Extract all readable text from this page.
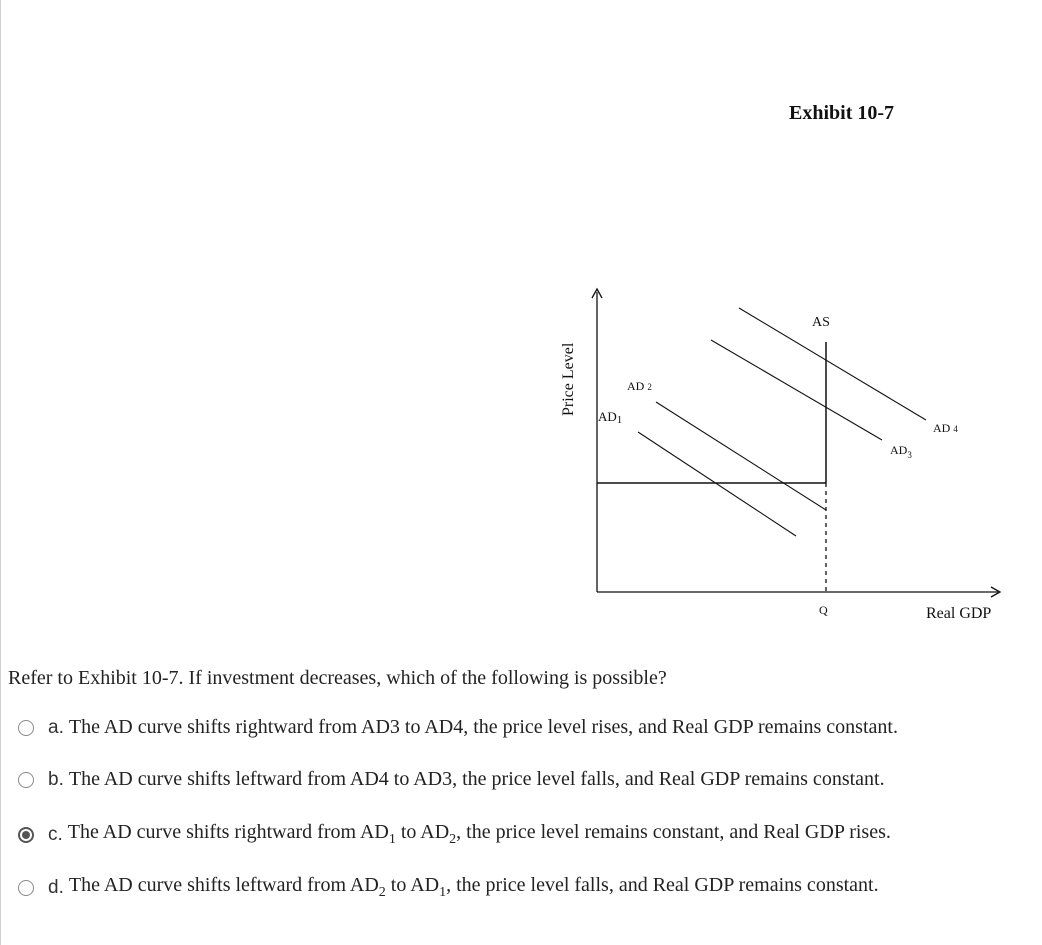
Exhibit 10-7
Price Level
Real GDP
Q
AS
AD1
AD 2
$AD_3$
AD 4
Refer to Exhibit 10-7. If investment decreases, which of the following is possible?
a. The AD curve shifts rightward from AD3 to AD4, the price level rises, and Real GDP remains constant.
b. The AD curve shifts leftward from AD4 to AD3, the price level falls, and Real GDP remains constant.
c. The AD curve shifts rightward from $AD_1$ to $AD_2$, the price level remains constant, and Real GDP rises.
d. The AD curve shifts leftward from $AD_2$ to $AD_1$, the price level falls, and Real GDP remains constant.
